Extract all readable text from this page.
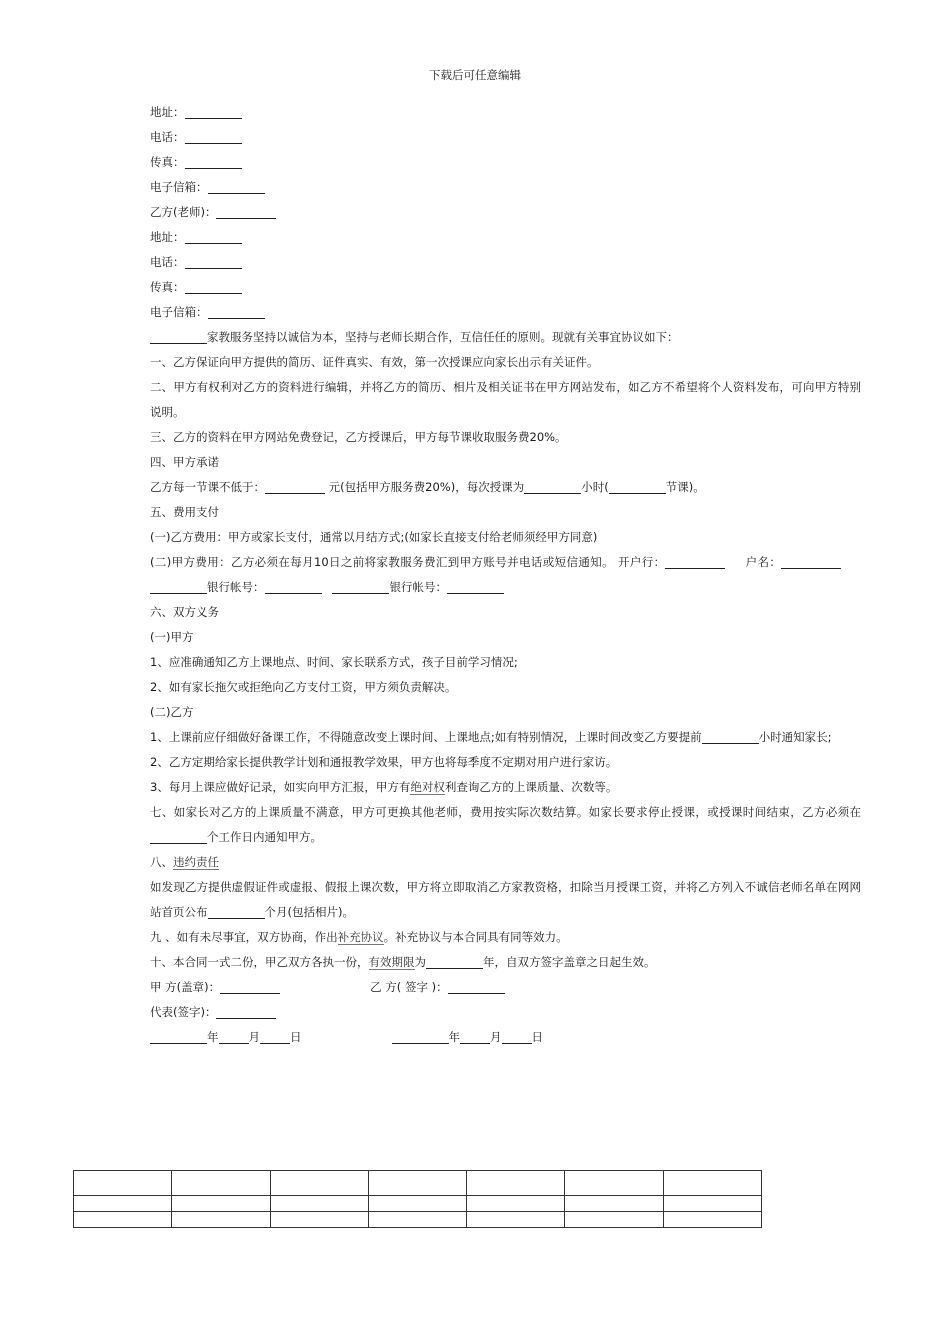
下载后可任意编辑
地址：
电话：
传真：
电子信箱：
乙方(老师)：
地址：
电话：
传真：
电子信箱：
家教服务坚持以诚信为本，坚持与老师长期合作，互信任任的原则。现就有关事宜协议如下：
一、乙方保证向甲方提供的简历、证件真实、有效，第一次授课应向家长出示有关证件。
二、甲方有权利对乙方的资料进行编辑，并将乙方的简历、相片及相关证书在甲方网站发布，如乙方不希望将个人资料发布，可向甲方特别说明。
三、乙方的资料在甲方网站免费登记，乙方授课后，甲方每节课收取服务费20%。
四、甲方承诺
乙方每一节课不低于：	元(包括甲方服务费20%)，每次授课为	小时(	节课)。
五、费用支付
(一)乙方费用：甲方或家长支付，通常以月结方式;(如家长直接支付给老师须经甲方同意)
(二)甲方费用：乙方必须在每月10日之前将家教服务费汇到甲方账号并电话或短信通知。 开户行：	户名：     银行帐号：	银行帐号：
六、双方义务
(一)甲方
1、应准确通知乙方上课地点、时间、家长联系方式，孩子目前学习情况;
2、如有家长拖欠或拒绝向乙方支付工资，甲方须负责解决。
(二)乙方
1、上课前应仔细做好备课工作，不得随意改变上课时间、上课地点;如有特别情况，上课时间改变乙方要提前	小时通知家长;
2、乙方定期给家长提供教学计划和通报教学效果，甲方也将每季度不定期对用户进行家访。
3、每月上课应做好记录，如实向甲方汇报，甲方有绝对权利查询乙方的上课质量、次数等。
七、如家长对乙方的上课质量不满意，甲方可更换其他老师，费用按实际次数结算。如家长要求停止授课，或授课时间结束，乙方必须在个工作日内通知甲方。
八、违约责任
如发现乙方提供虚假证件或虚报、假报上课次数，甲方将立即取消乙方家教资格，扣除当月授课工资，并将乙方列入不诚信老师名单在网网站首页公布	个月(包括相片)。
九 、如有未尽事宜，双方协商，作出补充协议。补充协议与本合同具有同等效力。
十、本合同一式二份，甲乙双方各执一份，有效期限为	年，自双方签字盖章之日起生效。
甲 方(盖章)：	乙 方( 签字 )：
代表(签字)：
年	月	日	年	月	日
